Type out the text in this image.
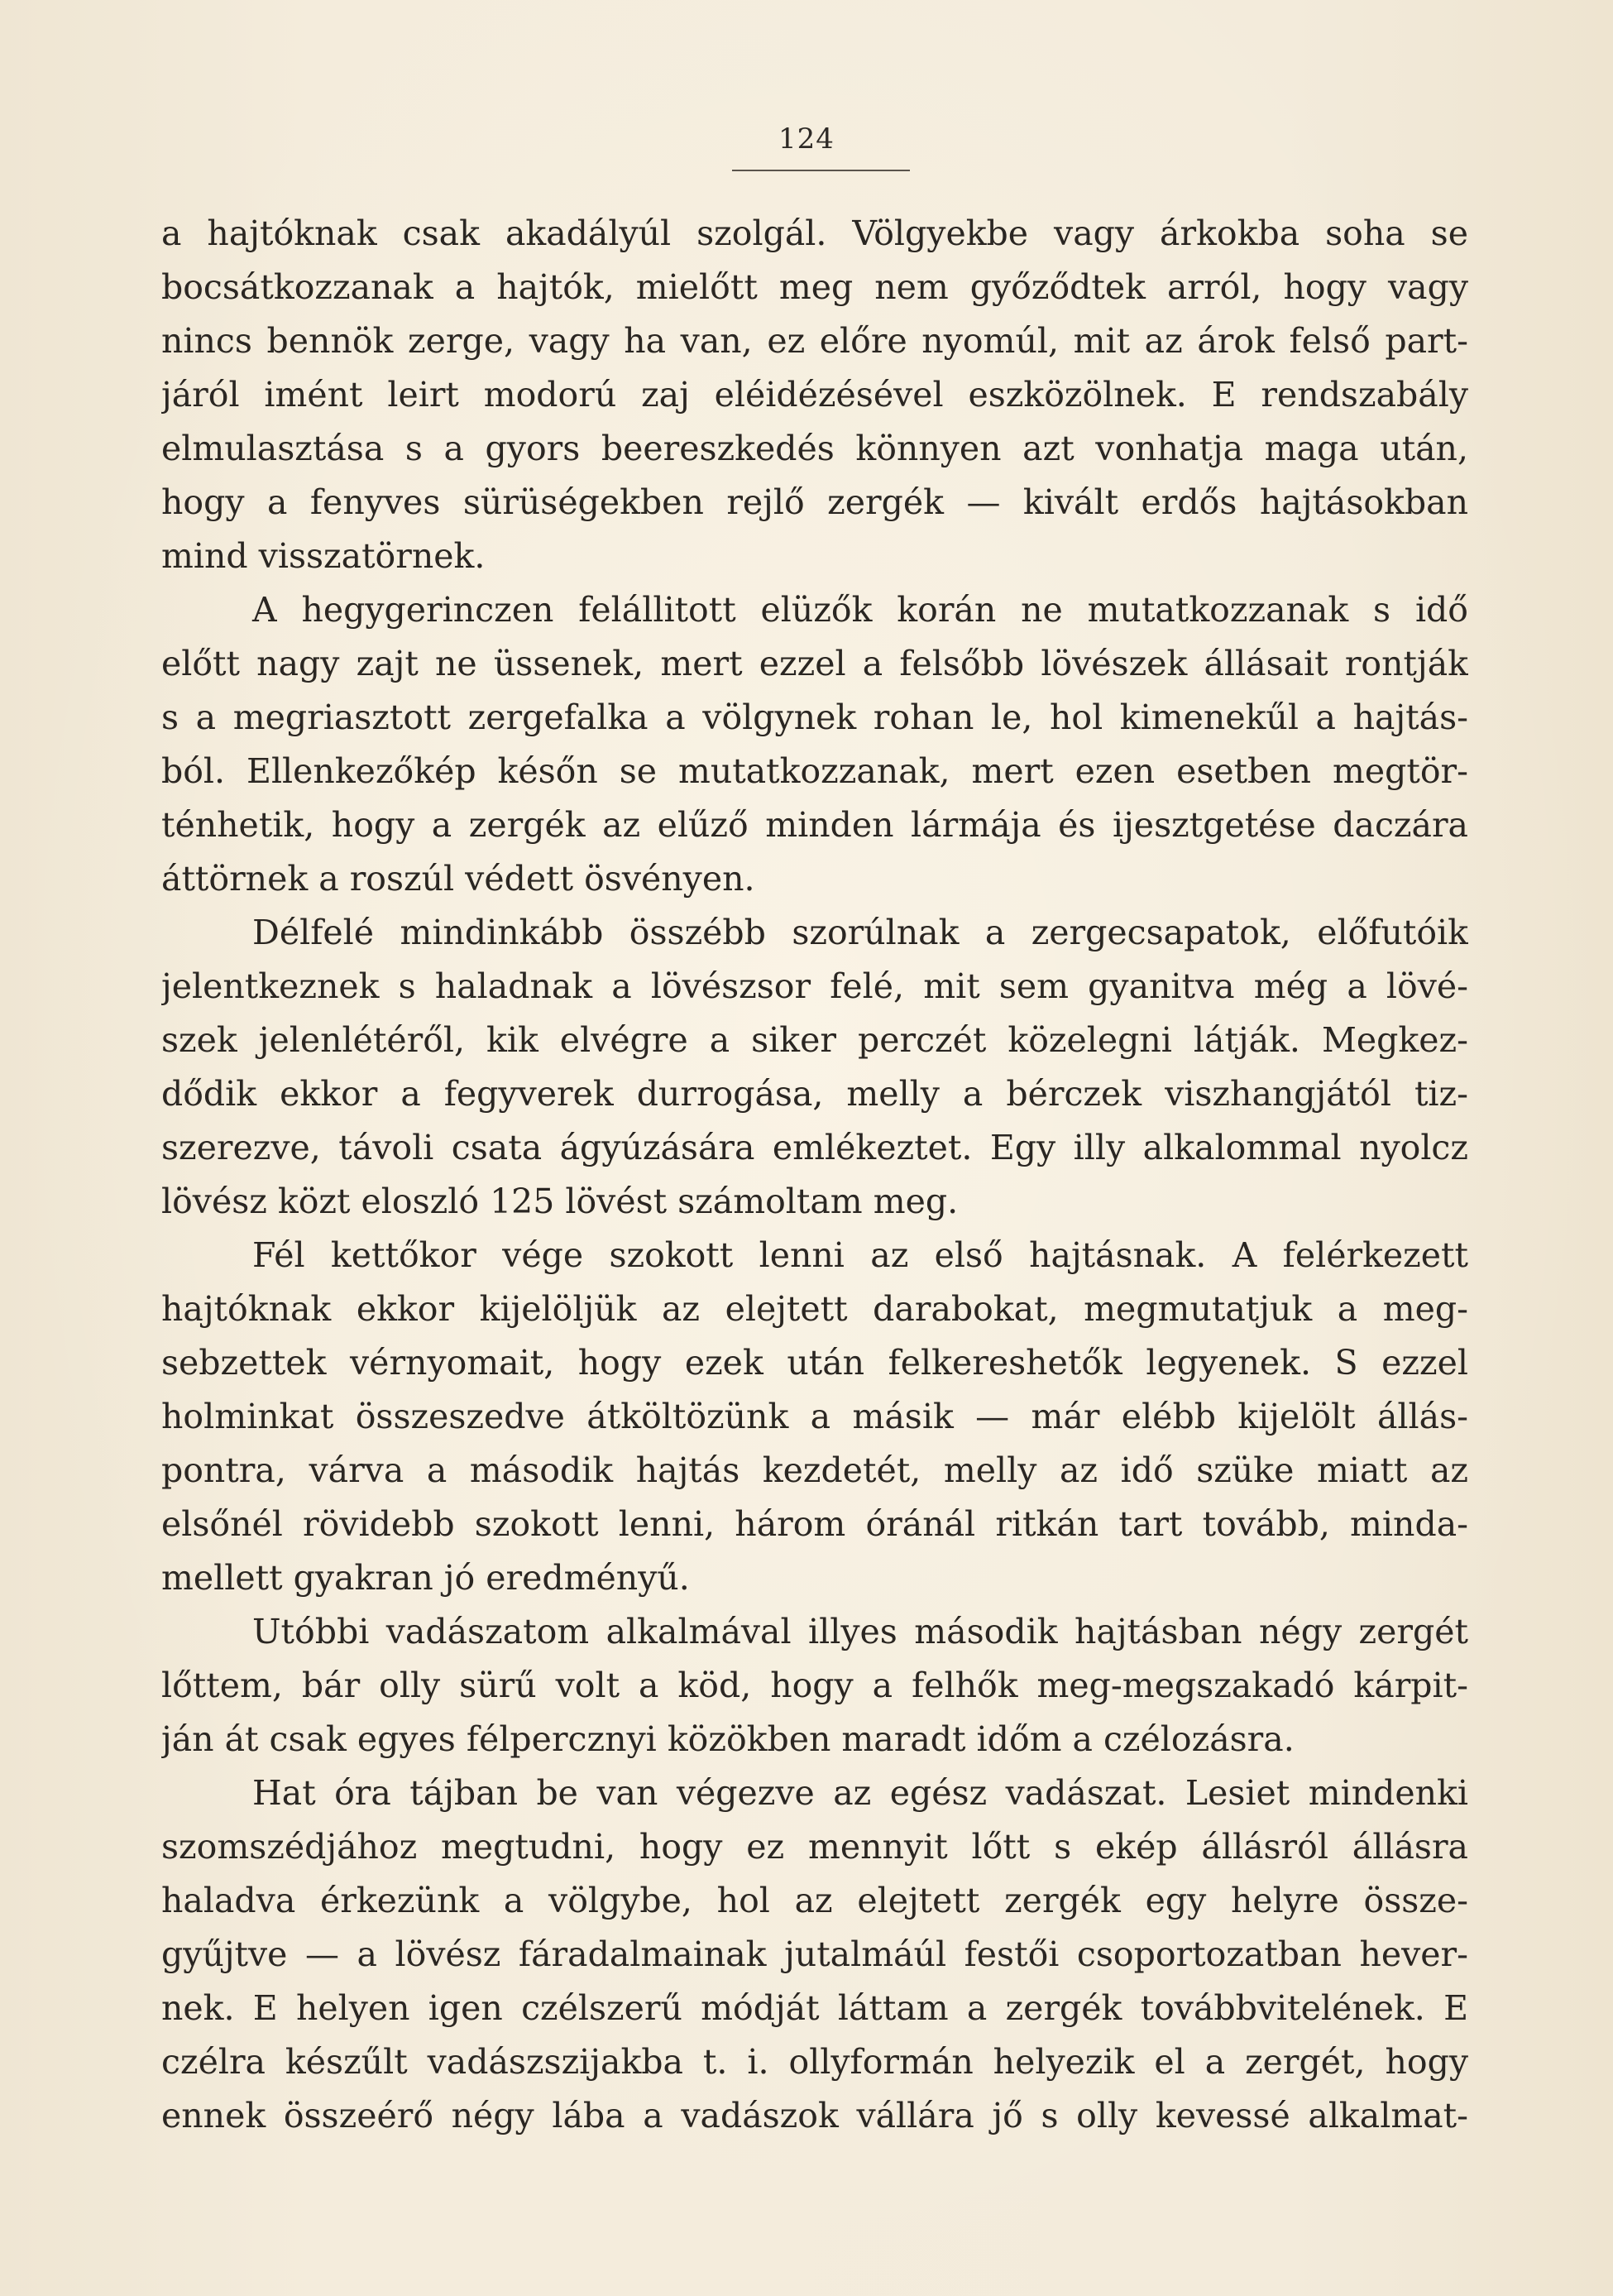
124
a hajtóknak csak akadályúl szolgál. Völgyekbe vagy árkokba soha se
bocsátkozzanak a hajtók, mielőtt meg nem győződtek arról, hogy vagy
nincs bennök zerge, vagy ha van, ez előre nyomúl, mit az árok felső part-
járól imént leirt modorú zaj eléidézésével eszközölnek. E rendszabály
elmulasztása s a gyors beereszkedés könnyen azt vonhatja maga után,
hogy a fenyves sürüségekben rejlő zergék — kivált erdős hajtásokban
mind visszatörnek.
A hegygerinczen felállitott elüzők korán ne mutatkozzanak s idő
előtt nagy zajt ne üssenek, mert ezzel a felsőbb lövészek állásait rontják
s a megriasztott zergefalka a völgynek rohan le, hol kimenekűl a hajtás-
ból. Ellenkezőkép későn se mutatkozzanak, mert ezen esetben megtör-
ténhetik, hogy a zergék az elűző minden lármája és ijesztgetése daczára
áttörnek a roszúl védett ösvényen.
Délfelé mindinkább összébb szorúlnak a zergecsapatok, előfutóik
jelentkeznek s haladnak a lövészsor felé, mit sem gyanitva még a lövé-
szek jelenlétéről, kik elvégre a siker perczét közelegni látják. Megkez-
dődik ekkor a fegyverek durrogása, melly a bérczek viszhangjától tiz-
szerezve, távoli csata ágyúzására emlékeztet. Egy illy alkalommal nyolcz
lövész közt eloszló 125 lövést számoltam meg.
Fél kettőkor vége szokott lenni az első hajtásnak. A felérkezett
hajtóknak ekkor kijelöljük az elejtett darabokat, megmutatjuk a meg-
sebzettek vérnyomait, hogy ezek után felkereshetők legyenek. S ezzel
holminkat összeszedve átköltözünk a másik — már elébb kijelölt állás-
pontra, várva a második hajtás kezdetét, melly az idő szüke miatt az
elsőnél rövidebb szokott lenni, három óránál ritkán tart tovább, minda-
mellett gyakran jó eredményű.
Utóbbi vadászatom alkalmával illyes második hajtásban négy zergét
lőttem, bár olly sürű volt a köd, hogy a felhők meg-megszakadó kárpit-
ján át csak egyes félpercznyi közökben maradt időm a czélozásra.
Hat óra tájban be van végezve az egész vadászat. Lesiet mindenki
szomszédjához megtudni, hogy ez mennyit lőtt s ekép állásról állásra
haladva érkezünk a völgybe, hol az elejtett zergék egy helyre össze-
gyűjtve — a lövész fáradalmainak jutalmáúl festői csoportozatban hever-
nek. E helyen igen czélszerű módját láttam a zergék továbbvitelének. E
czélra készűlt vadászszijakba t. i. ollyformán helyezik el a zergét, hogy
ennek összeérő négy lába a vadászok vállára jő s olly kevessé alkalmat-
